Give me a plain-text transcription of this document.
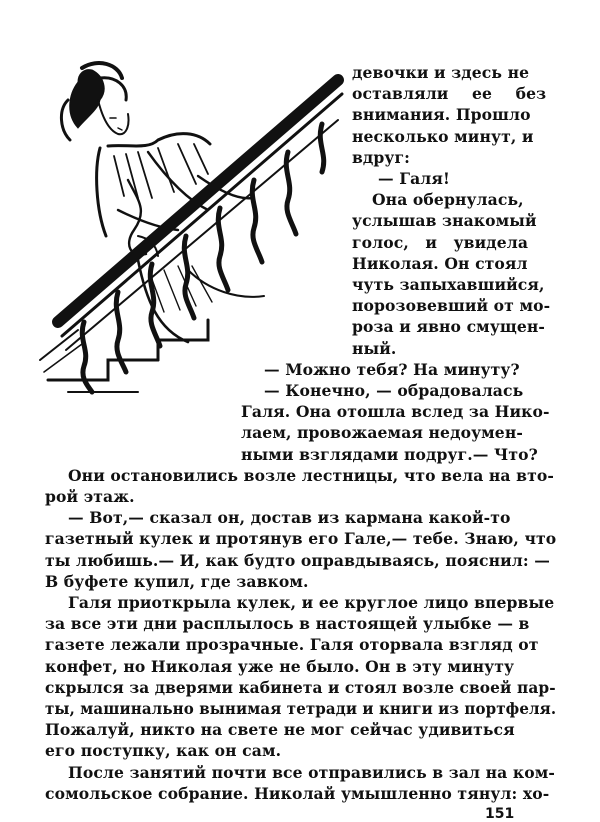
девочки и здесь не
оставляли ее без
внимания. Прошло
несколько минут, и
вдруг:
— Галя!
Она обернулась,
услышав знакомый
голос, и увидела
Николая. Он стоял
чуть запыхавшийся,
порозовевший от мо-
роза и явно смущен-
ный.
— Можно тебя? На минуту?
— Конечно, — обрадовалась
Галя. Она отошла вслед за Нико-
лаем, провожаемая недоумен-
ными взглядами подруг.— Что?
Они остановились возле лестницы, что вела на вто-
рой этаж.
— Вот,— сказал он, достав из кармана какой-то
газетный кулек и протянув его Гале,— тебе. Знаю, что
ты любишь.— И, как будто оправдываясь, пояснил: —
В буфете купил, где завком.
Галя приоткрыла кулек, и ее круглое лицо впервые
за все эти дни расплылось в настоящей улыбке — в
газете лежали прозрачные. Галя оторвала взгляд от
конфет, но Николая уже не было. Он в эту минуту
скрылся за дверями кабинета и стоял возле своей пар-
ты, машинально вынимая тетради и книги из портфеля.
Пожалуй, никто на свете не мог сейчас удивиться
его поступку, как он сам.
После занятий почти все отправились в зал на ком-
сомольское собрание. Николай умышленно тянул: хо-
151
